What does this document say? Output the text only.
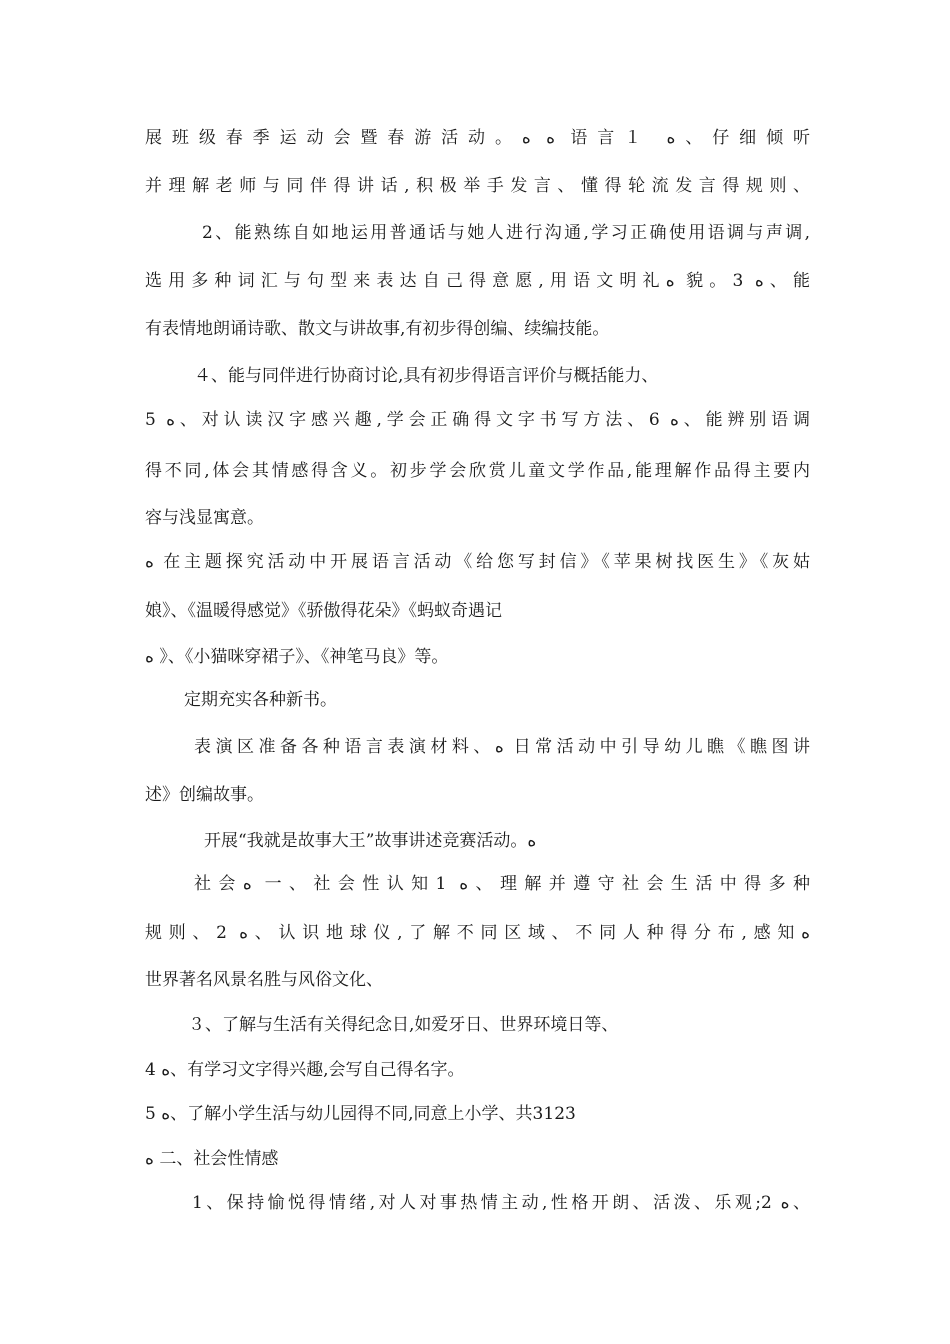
展班级春季运动会暨春游活动。ﻩ ﻩ 语言１ ﻩ、仔细倾听
并理解老师与同伴得讲话,积极举手发言、懂得轮流发言得规则、
2、能熟练自如地运用普通话与她人进行沟通,学习正确使用语调与声调,
选用多种词汇与句型来表达自己得意愿,用语文明礼ﻩ 貌。3 ﻩ、能
有表情地朗诵诗歌、散文与讲故事,有初步得创编、续编技能。
４、能与同伴进行协商讨论,具有初步得语言评价与概括能力、
5 ﻩ、对认读汉字感兴趣,学会正确得文字书写方法、6 ﻩ、能辨别语调
得不同,体会其情感得含义。初步学会欣赏儿童文学作品,能理解作品得主要内
容与浅显寓意。
ﻩ 在主题探究活动中开展语言活动《给您写封信》《苹果树找医生》《灰姑
娘》、《温暖得感觉》《骄傲得花朵》《蚂蚁奇遇记
ﻩ 》、《小猫咪穿裙子》、《神笔马良》等。
定期充实各种新书。
表演区准备各种语言表演材料、ﻩ 日常活动中引导幼儿瞧《瞧图讲
述》创编故事。
开展“我就是故事大王”故事讲述竞赛活动。ﻩ
社会ﻩ 一、社会性认知1 ﻩ、理解并遵守社会生活中得多种
规则、2 ﻩ、认识地球仪,了解不同区域、不同人种得分布,感知ﻩ
世界著名风景名胜与风俗文化、
３、了解与生活有关得纪念日,如爱牙日、世界环境日等、
4 ﻩ、有学习文字得兴趣,会写自己得名字。
5 ﻩ、了解小学生活与幼儿园得不同,同意上小学、共3123
ﻩ 二、社会性情感
1、保持愉悦得情绪,对人对事热情主动,性格开朗、活泼、乐观;2 ﻩ、
